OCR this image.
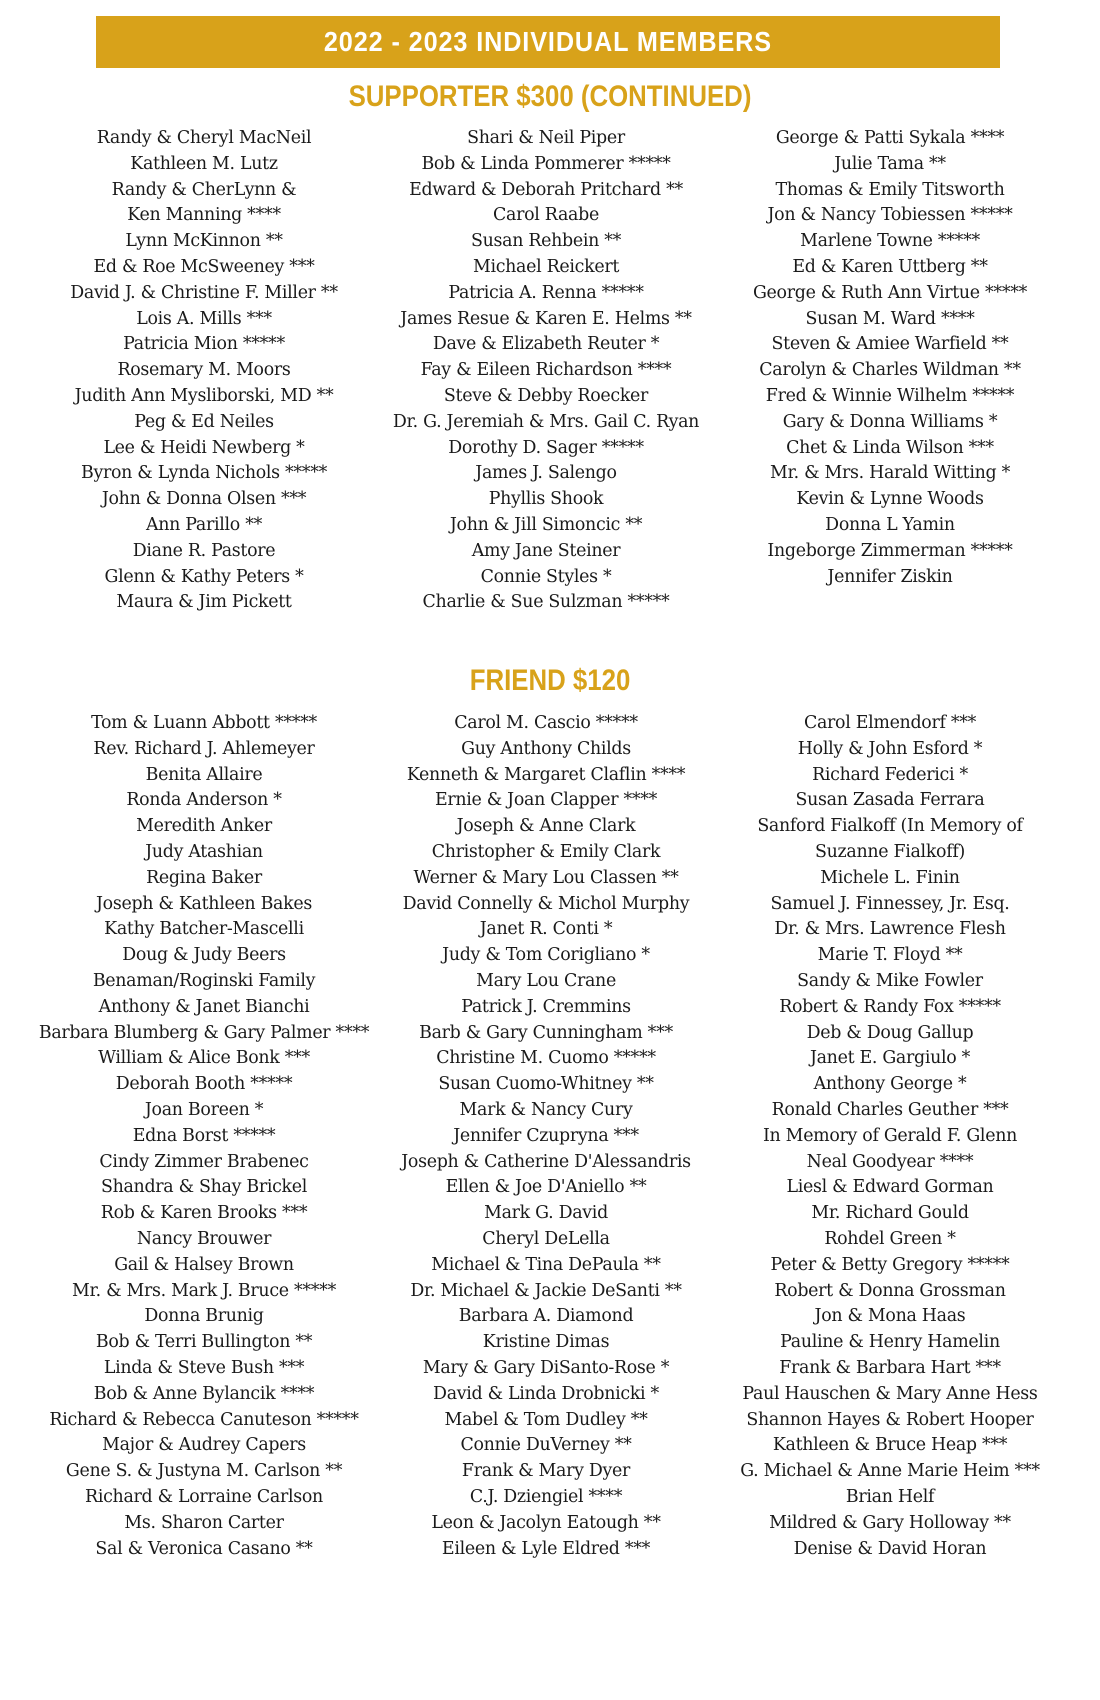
2022 - 2023 INDIVIDUAL MEMBERS
SUPPORTER $300 (CONTINUED)
Randy & Cheryl MacNeil
Kathleen M. Lutz
Randy & CherLynn &
Ken Manning ****
Lynn McKinnon **
Ed & Roe McSweeney ***
David J. & Christine F. Miller **
Lois A. Mills ***
Patricia Mion *****
Rosemary M. Moors
Judith Ann Mysliborski, MD **
Peg & Ed Neiles
Lee & Heidi Newberg *
Byron & Lynda Nichols *****
John & Donna Olsen ***
Ann Parillo **
Diane R. Pastore
Glenn & Kathy Peters *
Maura & Jim Pickett
Shari & Neil Piper
Bob & Linda Pommerer *****
Edward & Deborah Pritchard **
Carol Raabe
Susan Rehbein **
Michael Reickert
Patricia A. Renna *****
James Resue & Karen E. Helms **
Dave & Elizabeth Reuter *
Fay & Eileen Richardson ****
Steve & Debby Roecker
Dr. G. Jeremiah & Mrs. Gail C. Ryan
Dorothy D. Sager *****
James J. Salengo
Phyllis Shook
John & Jill Simoncic **
Amy Jane Steiner
Connie Styles *
Charlie & Sue Sulzman *****
George & Patti Sykala ****
Julie Tama **
Thomas & Emily Titsworth
Jon & Nancy Tobiessen *****
Marlene Towne *****
Ed & Karen Uttberg **
George & Ruth Ann Virtue *****
Susan M. Ward ****
Steven & Amiee Warfield **
Carolyn & Charles Wildman **
Fred & Winnie Wilhelm *****
Gary & Donna Williams *
Chet & Linda Wilson ***
Mr. & Mrs. Harald Witting *
Kevin & Lynne Woods
Donna L Yamin
Ingeborge Zimmerman *****
Jennifer Ziskin
FRIEND $120
Tom & Luann Abbott *****
Rev. Richard J. Ahlemeyer
Benita Allaire
Ronda Anderson *
Meredith Anker
Judy Atashian
Regina Baker
Joseph & Kathleen Bakes
Kathy Batcher-Mascelli
Doug & Judy Beers
Benaman/Roginski Family
Anthony & Janet Bianchi
Barbara Blumberg & Gary Palmer ****
William & Alice Bonk ***
Deborah Booth *****
Joan Boreen *
Edna Borst *****
Cindy Zimmer Brabenec
Shandra & Shay Brickel
Rob & Karen Brooks ***
Nancy Brouwer
Gail & Halsey Brown
Mr. & Mrs. Mark J. Bruce *****
Donna Brunig
Bob & Terri Bullington **
Linda & Steve Bush ***
Bob & Anne Bylancik ****
Richard & Rebecca Canuteson *****
Major & Audrey Capers
Gene S. & Justyna M. Carlson **
Richard & Lorraine Carlson
Ms. Sharon Carter
Sal & Veronica Casano **
Carol M. Cascio *****
Guy Anthony Childs
Kenneth & Margaret Claflin ****
Ernie & Joan Clapper ****
Joseph & Anne Clark
Christopher & Emily Clark
Werner & Mary Lou Classen **
David Connelly & Michol Murphy
Janet R. Conti *
Judy & Tom Corigliano *
Mary Lou Crane
Patrick J. Cremmins
Barb & Gary Cunningham ***
Christine M. Cuomo *****
Susan Cuomo-Whitney **
Mark & Nancy Cury
Jennifer Czuprynа ***
Joseph & Catherine D'Alessandris
Ellen & Joe D'Aniello **
Mark G. David
Cheryl DeLella
Michael & Tina DePaula **
Dr. Michael & Jackie DeSanti **
Barbara A. Diamond
Kristine Dimas
Mary & Gary DiSanto-Rose *
David & Linda Drobnicki *
Mabel & Tom Dudley **
Connie DuVerney **
Frank & Mary Dyer
C.J. Dziengiel ****
Leon & Jacolyn Eatough **
Eileen & Lyle Eldred ***
Carol Elmendorf ***
Holly & John Esford *
Richard Federici *
Susan Zasada Ferrara
Sanford Fialkoff (In Memory of
Suzanne Fialkoff)
Michele L. Finin
Samuel J. Finnessey, Jr. Esq.
Dr. & Mrs. Lawrence Flesh
Marie T. Floyd **
Sandy & Mike Fowler
Robert & Randy Fox *****
Deb & Doug Gallup
Janet E. Gargiulo *
Anthony George *
Ronald Charles Geuther ***
In Memory of Gerald F. Glenn
Neal Goodyear ****
Liesl & Edward Gorman
Mr. Richard Gould
Rohdel Green *
Peter & Betty Gregory *****
Robert & Donna Grossman
Jon & Mona Haas
Pauline & Henry Hamelin
Frank & Barbara Hart ***
Paul Hauschen & Mary Anne Hess
Shannon Hayes & Robert Hooper
Kathleen & Bruce Heap ***
G. Michael & Anne Marie Heim ***
Brian Helf
Mildred & Gary Holloway **
Denise & David Horan
